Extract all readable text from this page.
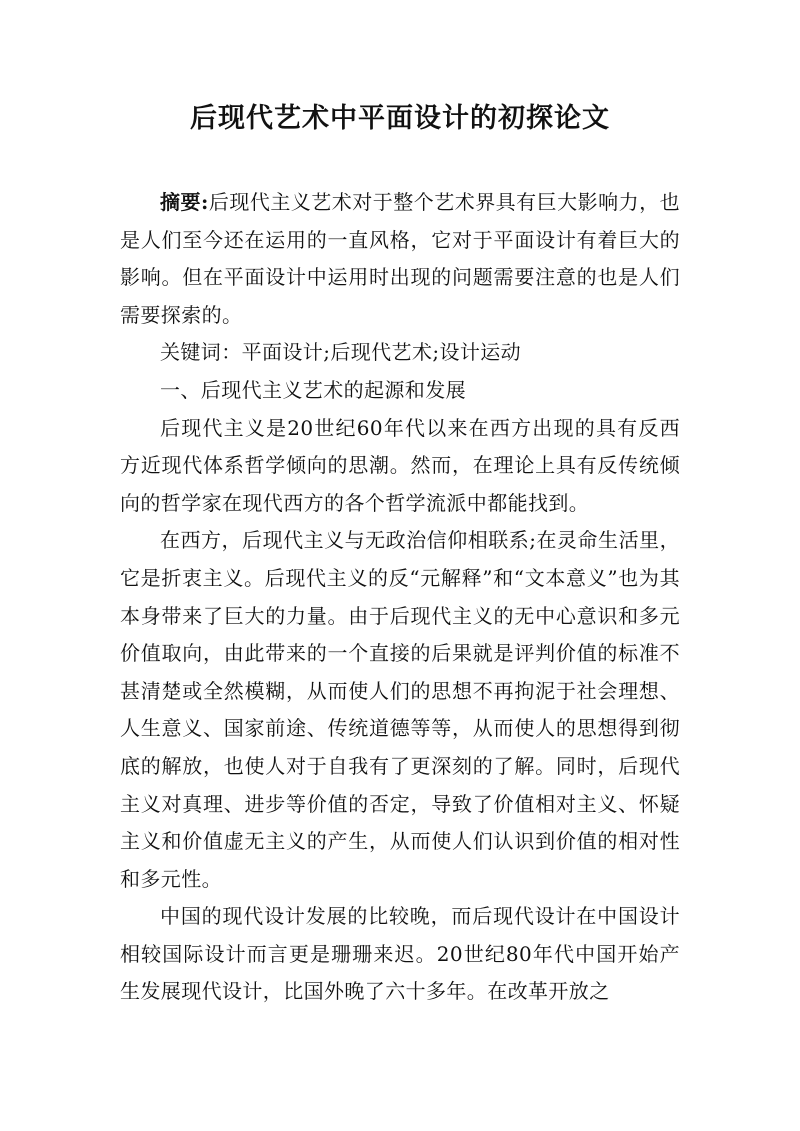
后现代艺术中平面设计的初探论文

摘要:后现代主义艺术对于整个艺术界具有巨大影响力，也是人们至今还在运用的一直风格，它对于平面设计有着巨大的影响。但在平面设计中运用时出现的问题需要注意的也是人们需要探索的。

关键词：平面设计;后现代艺术;设计运动

一、后现代主义艺术的起源和发展

后现代主义是20世纪60年代以来在西方出现的具有反西方近现代体系哲学倾向的思潮。然而，在理论上具有反传统倾向的哲学家在现代西方的各个哲学流派中都能找到。

在西方，后现代主义与无政治信仰相联系;在灵命生活里，它是折衷主义。后现代主义的反“元解释”和“文本意义”也为其本身带来了巨大的力量。由于后现代主义的无中心意识和多元价值取向，由此带来的一个直接的后果就是评判价值的标准不甚清楚或全然模糊，从而使人们的思想不再拘泥于社会理想、人生意义、国家前途、传统道德等等，从而使人的思想得到彻底的解放，也使人对于自我有了更深刻的了解。同时，后现代主义对真理、进步等价值的否定，导致了价值相对主义、怀疑主义和价值虚无主义的产生，从而使人们认识到价值的相对性和多元性。

中国的现代设计发展的比较晚，而后现代设计在中国设计相较国际设计而言更是珊珊来迟。20世纪80年代中国开始产生发展现代设计，比国外晚了六十多年。在改革开放之
